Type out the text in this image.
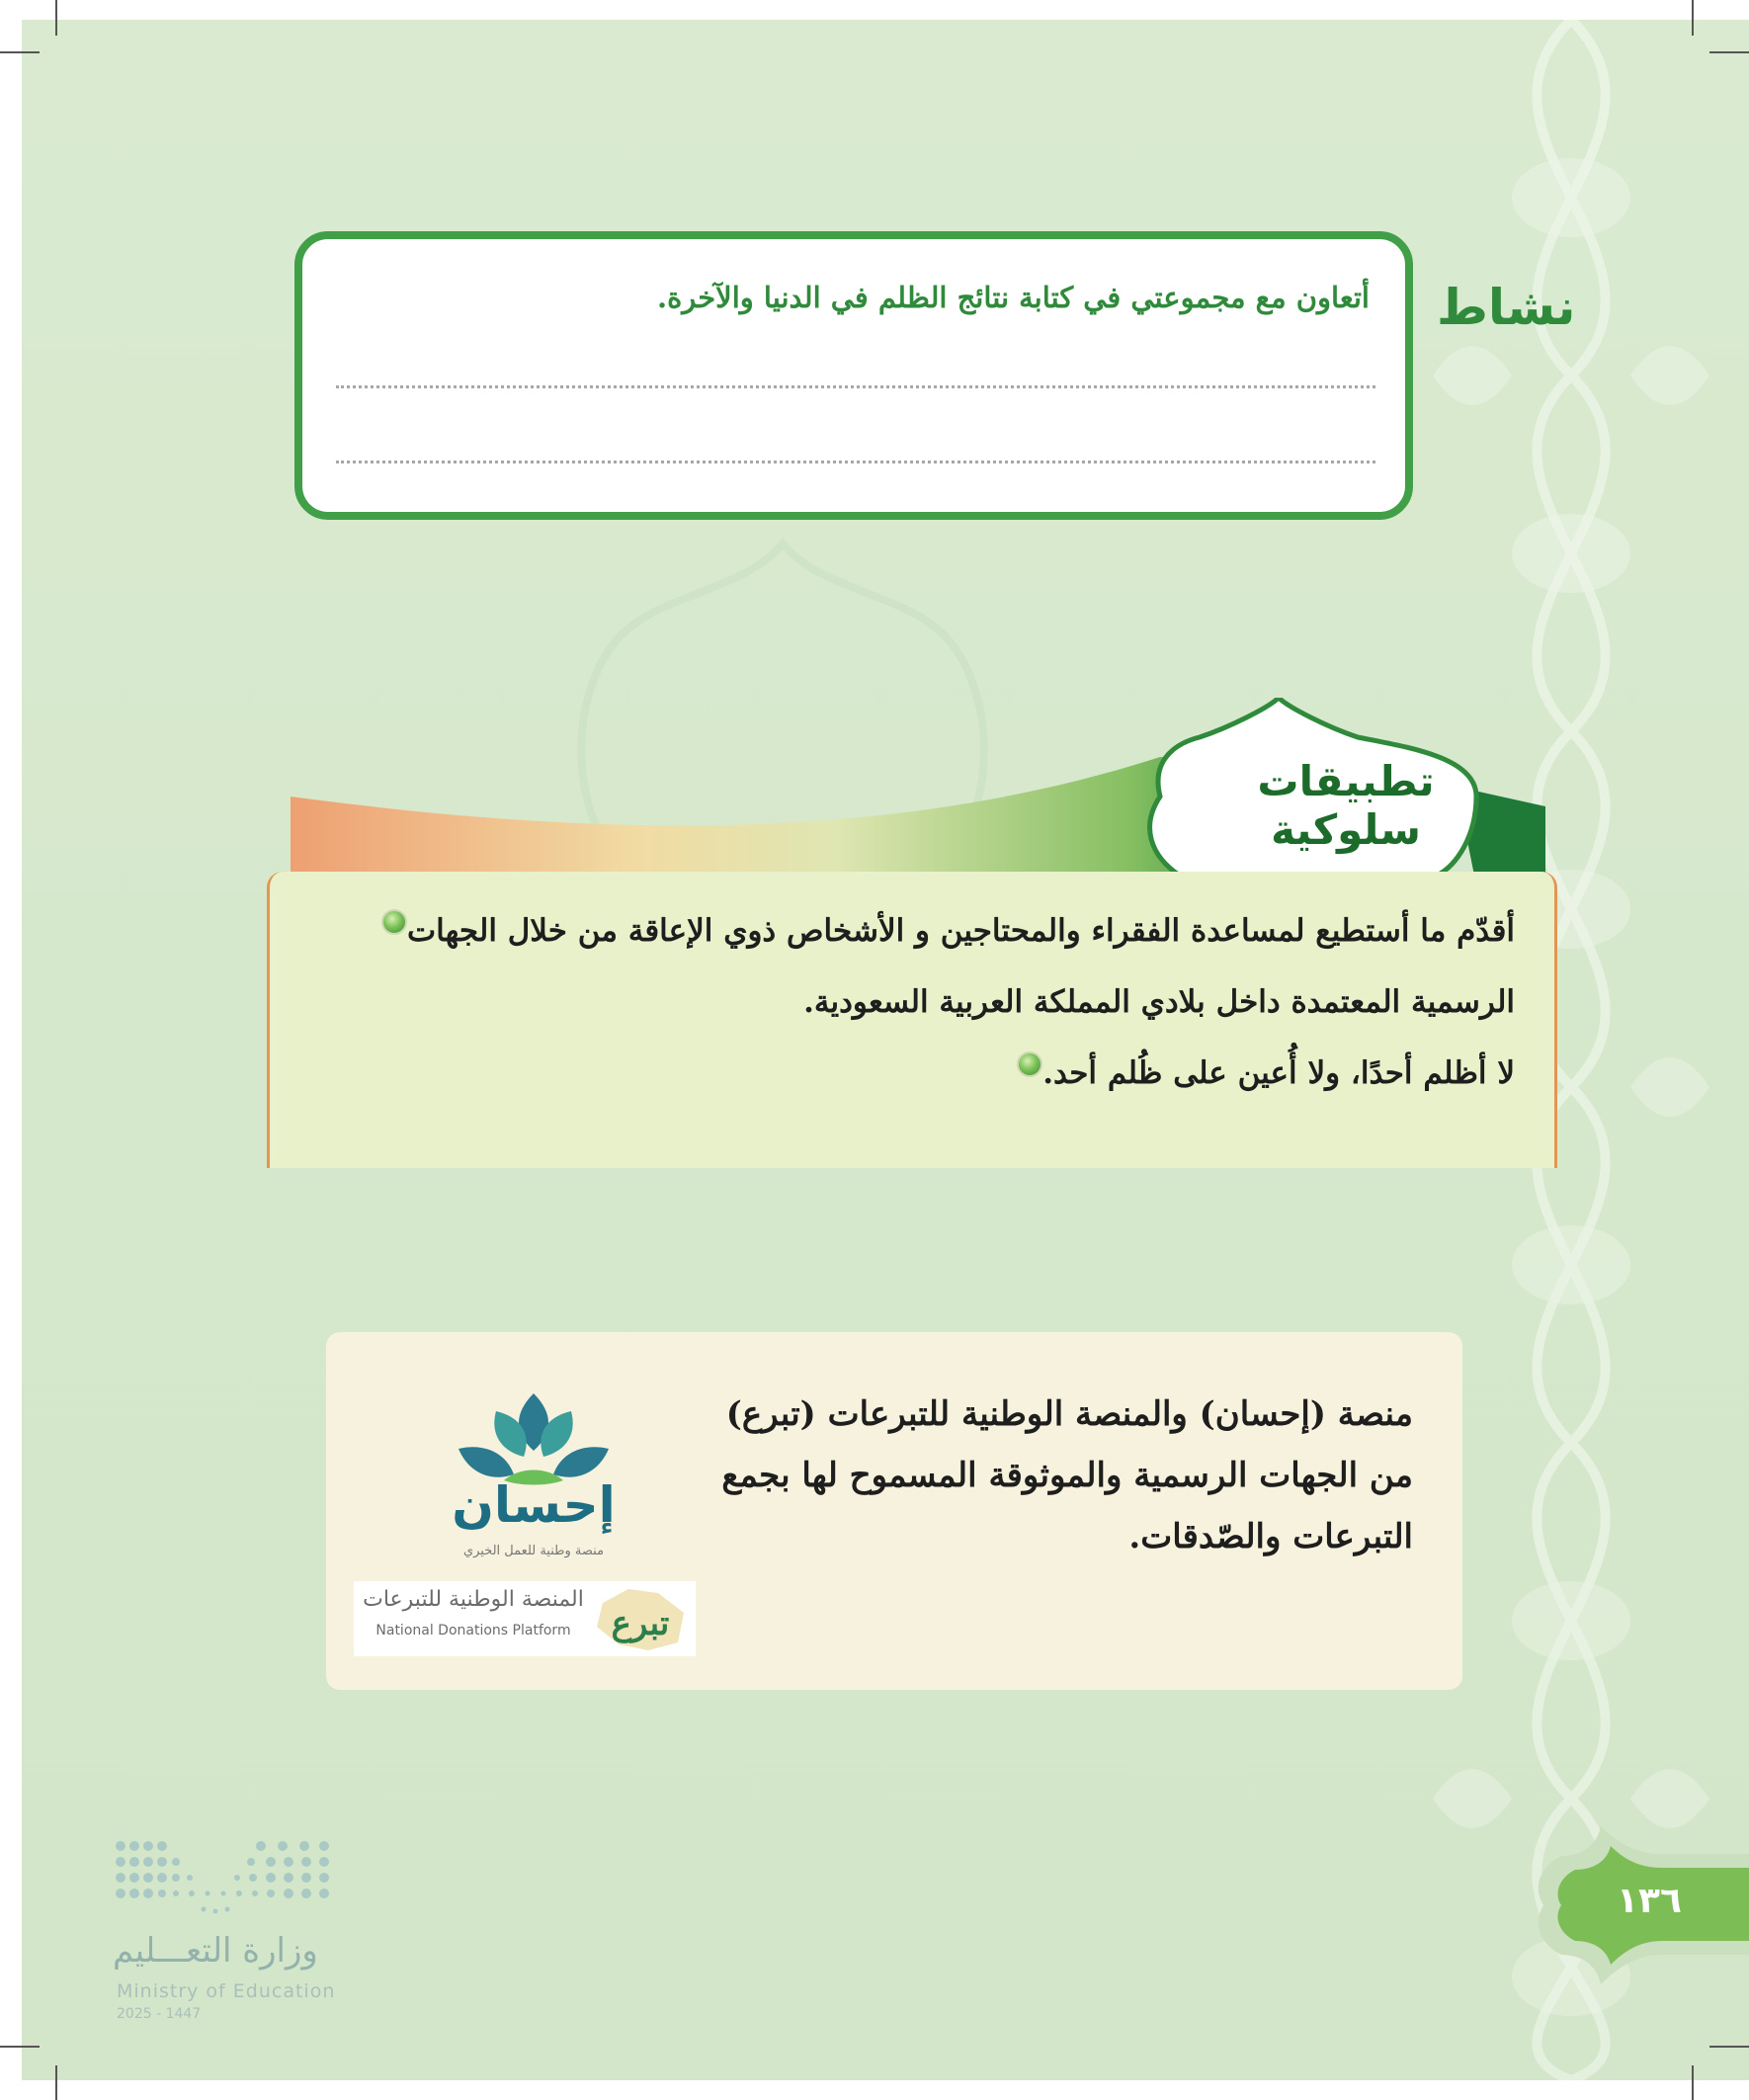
نشاط
أتعاون مع مجموعتي في كتابة نتائج الظلم في الدنيا والآخرة.
تطبيقات سلوكية
أقدّم ما أستطيع لمساعدة الفقراء والمحتاجين و الأشخاص ذوي الإعاقة من خلال الجهات
الرسمية المعتمدة داخل بلادي المملكة العربية السعودية.
لا أظلم أحدًا، ولا أُعين على ظُلم أحد.
منصة (إحسان) والمنصة الوطنية للتبرعات (تبرع)
من الجهات الرسمية والموثوقة المسموح لها بجمع
التبرعات والصّدقات.
إحسان
منصة وطنية للعمل الخيري
المنصة الوطنية للتبرعات
National Donations Platform	تبرع
١٣٦
وزارة التعـــليم
Ministry of Education
2025 - 1447
